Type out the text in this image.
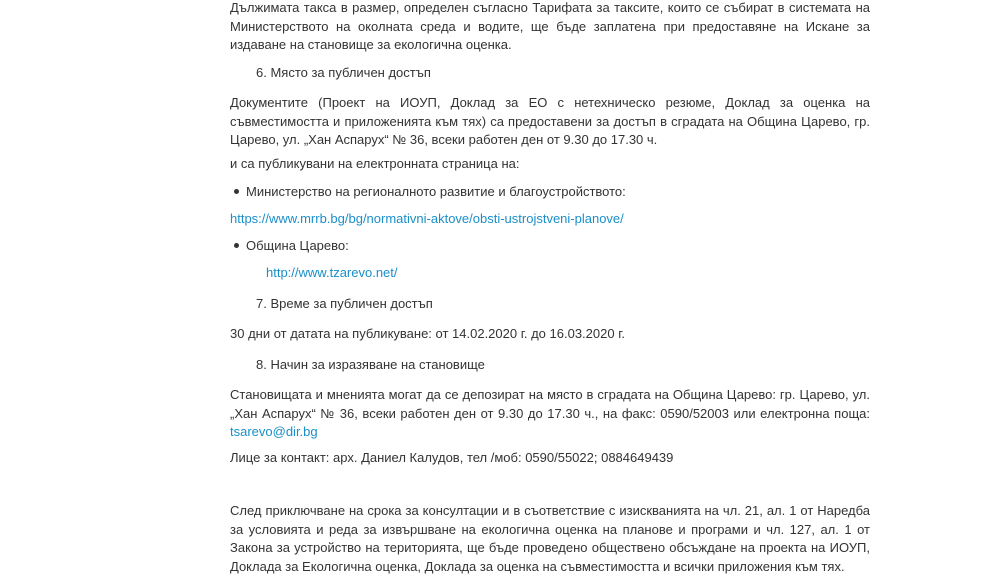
Дължимата такса в размер, определен съгласно Тарифата за таксите, които се събират в системата на Министерството на околната среда и водите, ще бъде заплатена при предоставяне на Искане за издаване на становище за екологична оценка.

6. Място за публичен достъп

Документите (Проект на ИОУП, Доклад за ЕО с нетехническо резюме, Доклад за оценка на съвместимостта и приложенията към тях) са предоставени за достъп в сградата на Община Царево, гр. Царево, ул. „Хан Аспарух“ № 36, всеки работен ден от 9.30 до 17.30 ч.

и са публикувани на електронната страница на:

Министерство на регионалното развитие и благоустройството:

https://www.mrrb.bg/bg/normativni-aktove/obsti-ustrojstveni-planove/

Община Царево:

http://www.tzarevo.net/

7. Време за публичен достъп

30 дни от датата на публикуване: от 14.02.2020 г. до 16.03.2020 г.

8. Начин за изразяване на становище

Становищата и мненията могат да се депозират на място в сградата на Община Царево: гр. Царево, ул. „Хан Аспарух“ № 36, всеки работен ден от 9.30 до 17.30 ч., на факс: 0590/52003 или електронна поща: tsarevo@dir.bg

Лице за контакт: арх. Даниел Калудов, тел /моб: 0590/55022; 0884649439

След приключване на срока за консултации и в съответствие с изискванията на чл. 21, ал. 1 от Наредба за условията и реда за извършване на екологична оценка на планове и програми и чл. 127, ал. 1 от Закона за устройство на територията, ще бъде проведено обществено обсъждане на проекта на ИОУП, Доклада за Екологична оценка, Доклада за оценка на съвместимостта и всички приложения към тях.
